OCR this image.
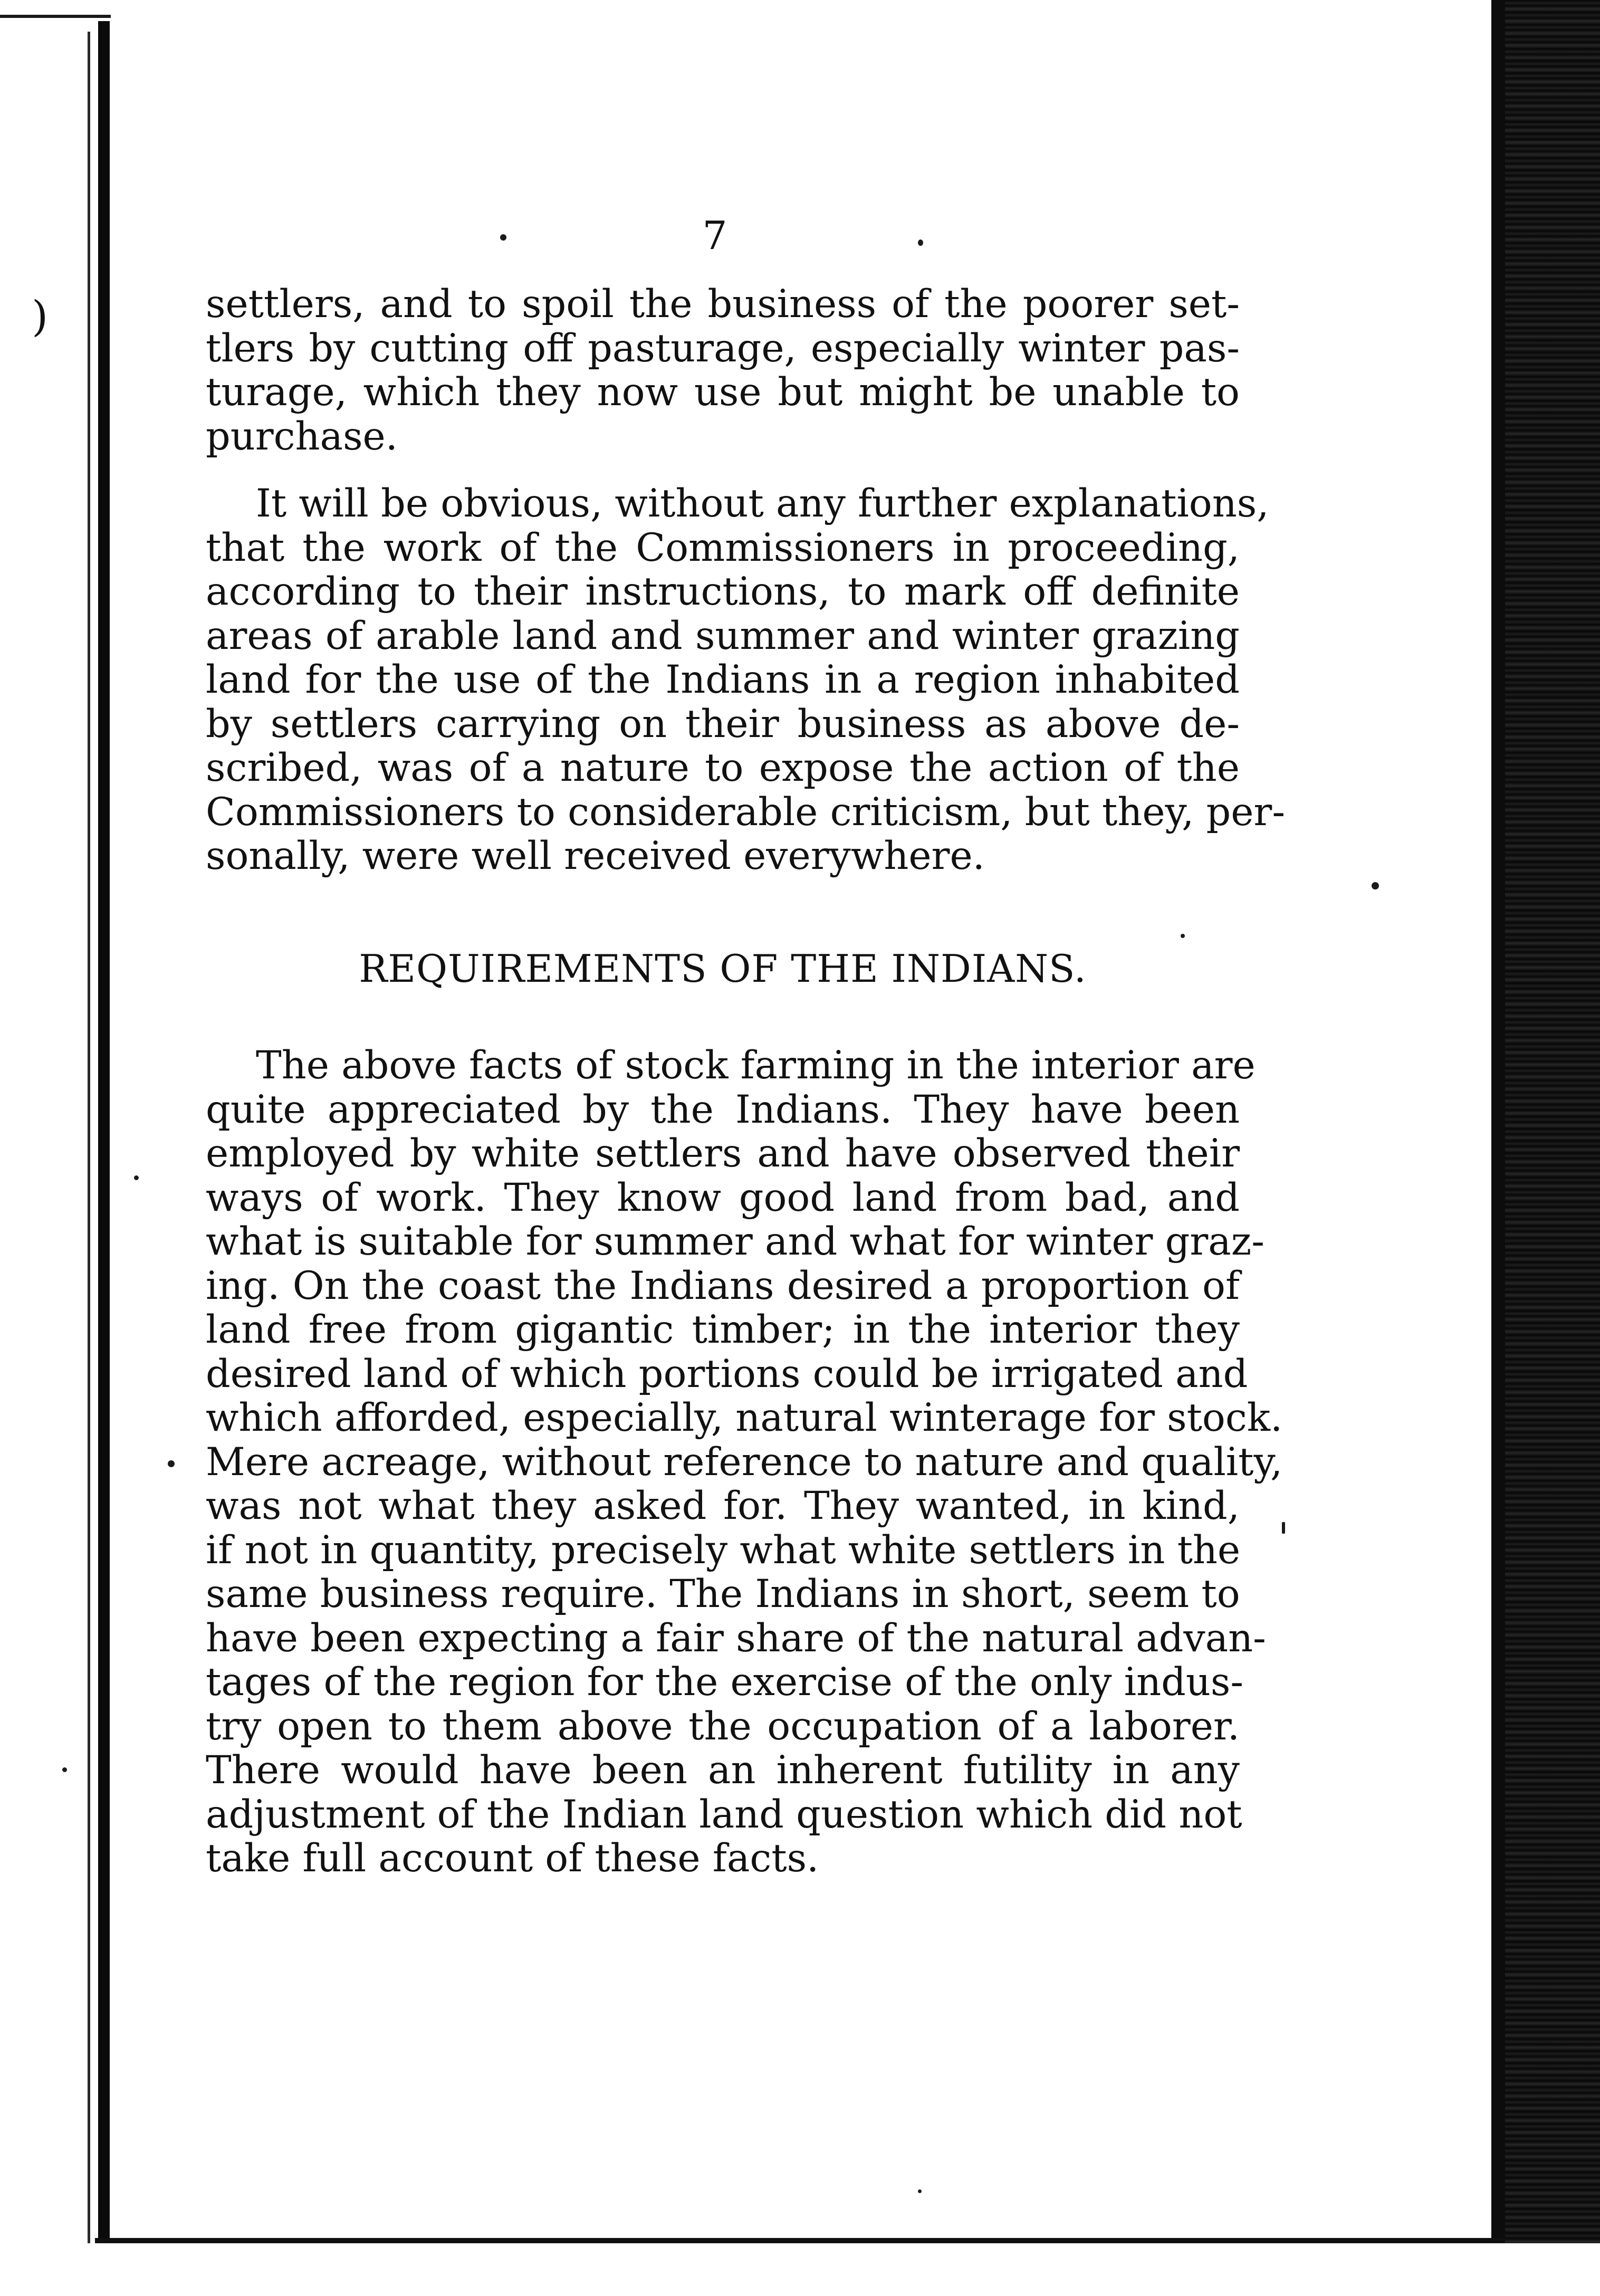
)
7

settlers, and to spoil the business of the poorer set-
tlers by cutting off pasturage, especially winter pas-
turage, which they now use but might be unable to
purchase.

It will be obvious, without any further explanations,
that the work of the Commissioners in proceeding,
according to their instructions, to mark off definite
areas of arable land and summer and winter grazing
land for the use of the Indians in a region inhabited
by settlers carrying on their business as above de-
scribed, was of a nature to expose the action of the
Commissioners to considerable criticism, but they, per-
sonally, were well received everywhere.

REQUIREMENTS OF THE INDIANS.

The above facts of stock farming in the interior are
quite appreciated by the Indians. They have been
employed by white settlers and have observed their
ways of work. They know good land from bad, and
what is suitable for summer and what for winter graz-
ing. On the coast the Indians desired a proportion of
land free from gigantic timber; in the interior they
desired land of which portions could be irrigated and
which afforded, especially, natural winterage for stock.
Mere acreage, without reference to nature and quality,
was not what they asked for. They wanted, in kind,
if not in quantity, precisely what white settlers in the
same business require. The Indians in short, seem to
have been expecting a fair share of the natural advan-
tages of the region for the exercise of the only indus-
try open to them above the occupation of a laborer.
There would have been an inherent futility in any
adjustment of the Indian land question which did not
take full account of these facts.
